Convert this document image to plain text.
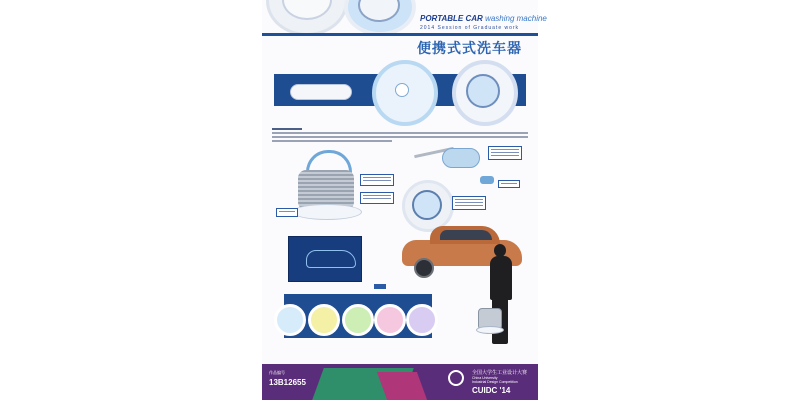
PORTABLE CAR washing machine
2014 Session of Graduate work
便携式式洗车器
作品编号
13B12655
全国大学生工业设计大赛
China University
Industrial Design Competition
CUIDC '14
